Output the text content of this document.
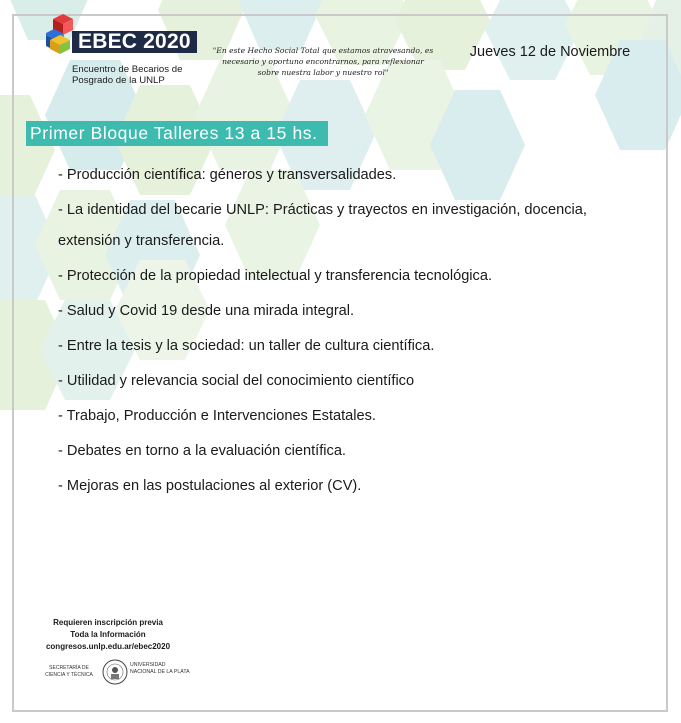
EBEC 2020
Encuentro de Becarios de Posgrado de la UNLP
"En este Hecho Social Total que estamos atravesando, es necesario y oportuno encontrarnos, para reflexionar sobre nuestra labor y nuestro rol"
Jueves 12 de Noviembre
Primer Bloque Talleres 13 a 15 hs.
- Producción científica: géneros y transversalidades.
- La identidad del becarie UNLP: Prácticas y trayectos en investigación, docencia, extensión y transferencia.
- Protección de la propiedad intelectual y transferencia tecnológica.
- Salud y Covid 19 desde una mirada integral.
- Entre la tesis y la sociedad: un taller de cultura científica.
- Utilidad y relevancia social del conocimiento científico
- Trabajo, Producción e Intervenciones Estatales.
- Debates en torno a la evaluación científica.
- Mejoras en las postulaciones al exterior (CV).
Requieren inscripción previa
Toda la Información
congresos.unlp.edu.ar/ebec2020
SECRETARÍA DE CIENCIA Y TÉCNICA
UNIVERSIDAD NACIONAL DE LA PLATA
